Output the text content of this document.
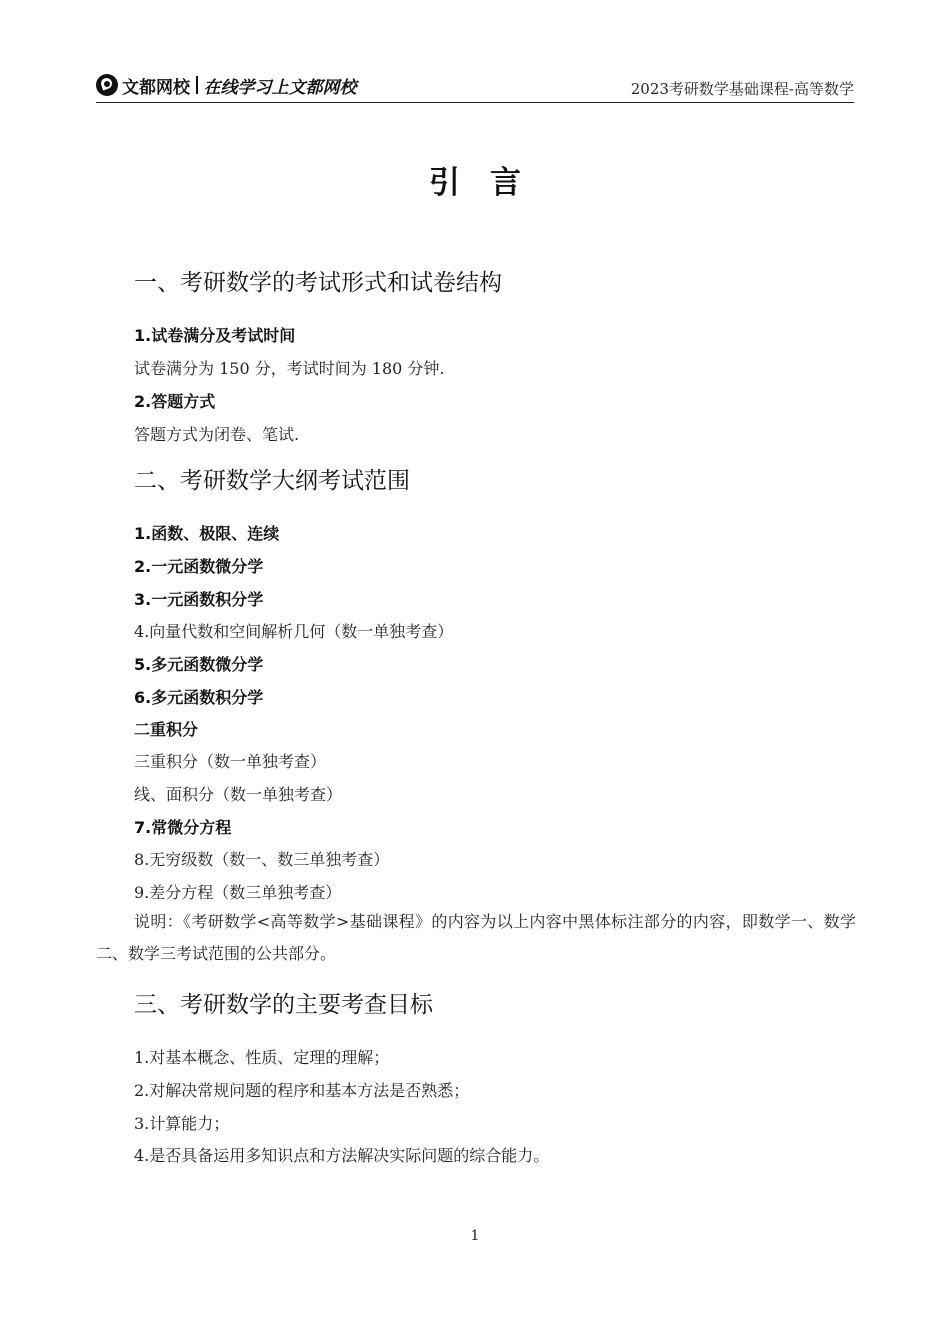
文都网校 在线学习上文都网校	2023考研数学基础课程-高等数学
引言
一、考研数学的考试形式和试卷结构
1.试卷满分及考试时间
试卷满分为 150 分，考试时间为 180 分钟.
2.答题方式
答题方式为闭卷、笔试.
二、考研数学大纲考试范围
1.函数、极限、连续
2.一元函数微分学
3.一元函数积分学
4.向量代数和空间解析几何（数一单独考查）
5.多元函数微分学
6.多元函数积分学
二重积分
三重积分（数一单独考查）
线、面积分（数一单独考查）
7.常微分方程
8.无穷级数（数一、数三单独考查）
9.差分方程（数三单独考查）
说明：《考研数学<高等数学>基础课程》的内容为以上内容中黑体标注部分的内容，即数学一、数学二、数学三考试范围的公共部分。
三、考研数学的主要考查目标
1.对基本概念、性质、定理的理解；
2.对解决常规问题的程序和基本方法是否熟悉；
3.计算能力；
4.是否具备运用多知识点和方法解决实际问题的综合能力。
1
